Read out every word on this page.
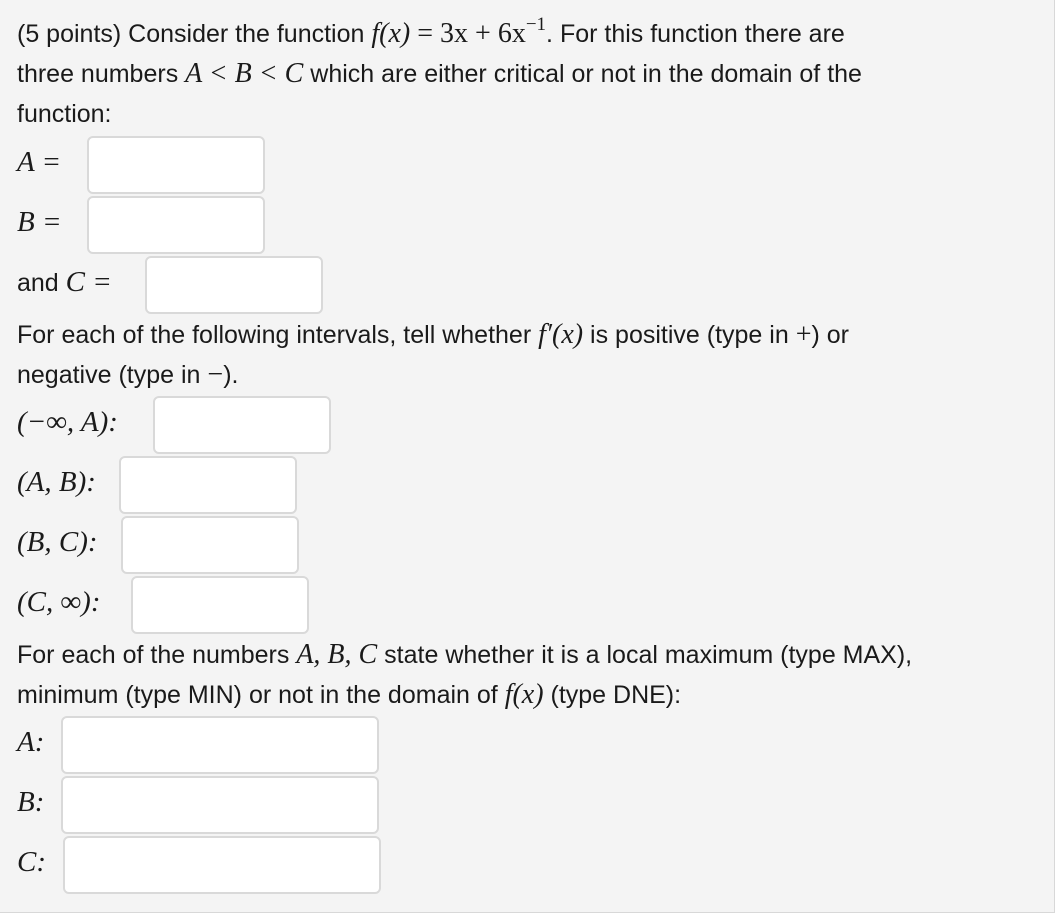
(5 points) Consider the function $f(x) = 3x + 6x^{-1}$. For this function there are
three numbers A < B < C which are either critical or not in the domain of the
function:
A =
B =
and C =
For each of the following intervals, tell whether f′(x) is positive (type in +) or
negative (type in −).
(−∞, A):
(A, B):
(B, C):
(C, ∞):
For each of the numbers A, B, C state whether it is a local maximum (type MAX),
minimum (type MIN) or not in the domain of f(x) (type DNE):
A:
B:
C:
